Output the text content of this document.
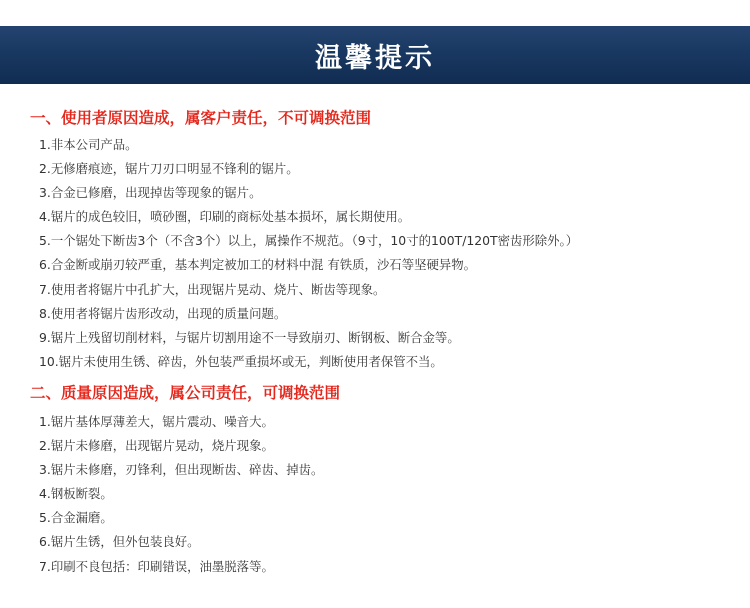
温馨提示
一、使用者原因造成，属客户责任，不可调换范围
1.非本公司产品。
2.无修磨痕迹，锯片刀刃口明显不锋利的锯片。
3.合金已修磨，出现掉齿等现象的锯片。
4.锯片的成色较旧，喷砂圈，印刷的商标处基本损坏，属长期使用。
5.一个锯处下断齿3个（不含3个）以上，属操作不规范。（9寸，10寸的100T/120T密齿形除外。）
6.合金断或崩刃较严重，基本判定被加工的材料中混 有铁质，沙石等坚硬异物。
7.使用者将锯片中孔扩大，出现锯片晃动、烧片、断齿等现象。
8.使用者将锯片齿形改动，出现的质量问题。
9.锯片上残留切削材料，与锯片切割用途不一导致崩刃、断钢板、断合金等。
10.锯片未使用生锈、碎齿，外包装严重损坏或无，判断使用者保管不当。
二、质量原因造成，属公司责任，可调换范围
1.锯片基体厚薄差大，锯片震动、噪音大。
2.锯片未修磨，出现锯片晃动，烧片现象。
3.锯片未修磨，刃锋利，但出现断齿、碎齿、掉齿。
4.钢板断裂。
5.合金漏磨。
6.锯片生锈，但外包装良好。
7.印刷不良包括：印刷错误，油墨脱落等。
